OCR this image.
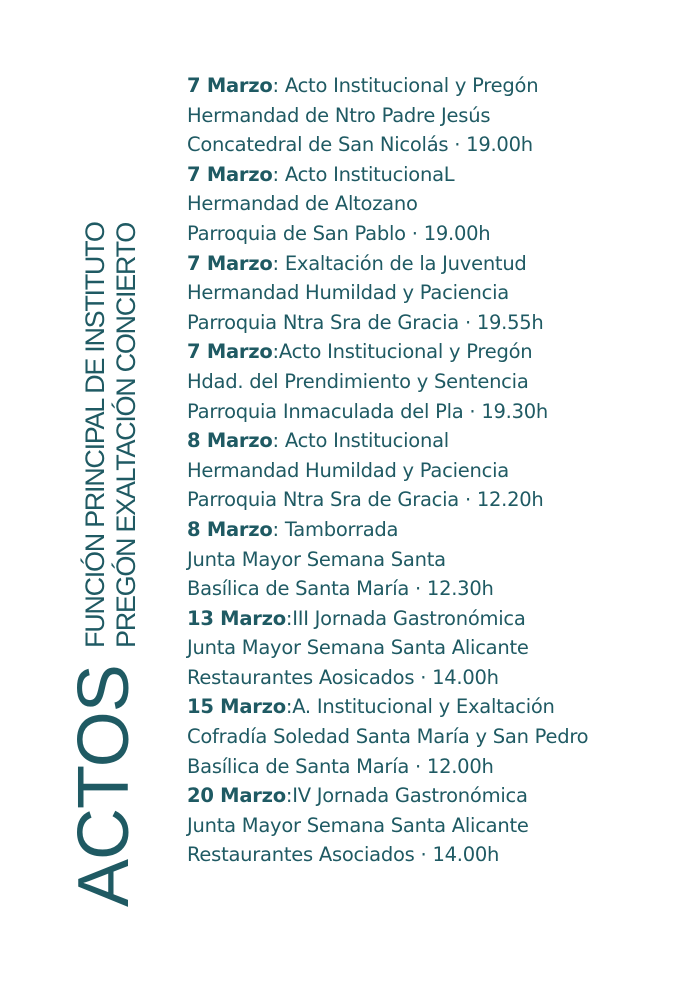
ACTOS
FUNCIÓN PRINCIPAL DE INSTITUTO PREGÓN EXALTACIÓN CONCIERTO
7 Marzo: Acto Institucional y Pregón
Hermandad de Ntro Padre Jesús
Concatedral de San Nicolás · 19.00h
7 Marzo: Acto InstitucionaL
Hermandad de Altozano
Parroquia de San Pablo · 19.00h
7 Marzo: Exaltación de la Juventud
Hermandad Humildad y Paciencia
Parroquia Ntra Sra de Gracia · 19.55h
7 Marzo:Acto Institucional y Pregón
Hdad. del Prendimiento y Sentencia
Parroquia Inmaculada del Pla · 19.30h
8 Marzo: Acto Institucional
Hermandad Humildad y Paciencia
Parroquia Ntra Sra de Gracia · 12.20h
8 Marzo: Tamborrada
Junta Mayor Semana Santa
Basílica de Santa María · 12.30h
13 Marzo:III Jornada Gastronómica
Junta Mayor Semana Santa Alicante
Restaurantes Aosicados · 14.00h
15 Marzo:A. Institucional y Exaltación
Cofradía Soledad Santa María y San Pedro
Basílica de Santa María · 12.00h
20 Marzo:IV Jornada Gastronómica
Junta Mayor Semana Santa Alicante
Restaurantes Asociados · 14.00h
